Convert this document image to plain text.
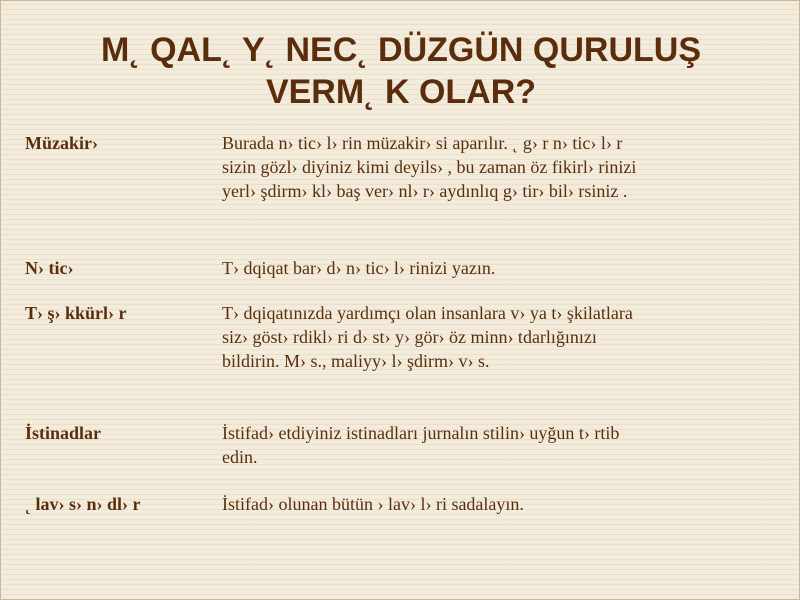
M˛ QAL˛ Y˛ NEC˛ DÜZGÜN QURULUŞ
VERM˛ K OLAR?
Müzakir›	Burada n› tic› l› rin müzakir› si aparılır. ˛ g› r n› tic› l› r
sizin gözl› diyiniz kimi deyils› , bu zaman öz fikirl› rinizi
yerl› şdirm› kl› baş ver› nl› r› aydınlıq g› tir› bil› rsiniz .
N› tic›	T› dqiqat bar› d› n› tic› l› rinizi yazın.
T› ş› kkürl› r	T› dqiqatınızda yardımçı olan insanlara v› ya t› şkilatlara
siz› göst› rdikl› ri d› st› y› gör› öz minn› tdarlığınızı
bildirin. M› s., maliyy› l› şdirm› v› s.
İstinadlar	İstifad› etdiyiniz istinadları jurnalın stilin› uyğun t› rtib
edin.
˛ lav› s› n› dl› r	İstifad› olunan bütün › lav› l› ri sadalayın.
